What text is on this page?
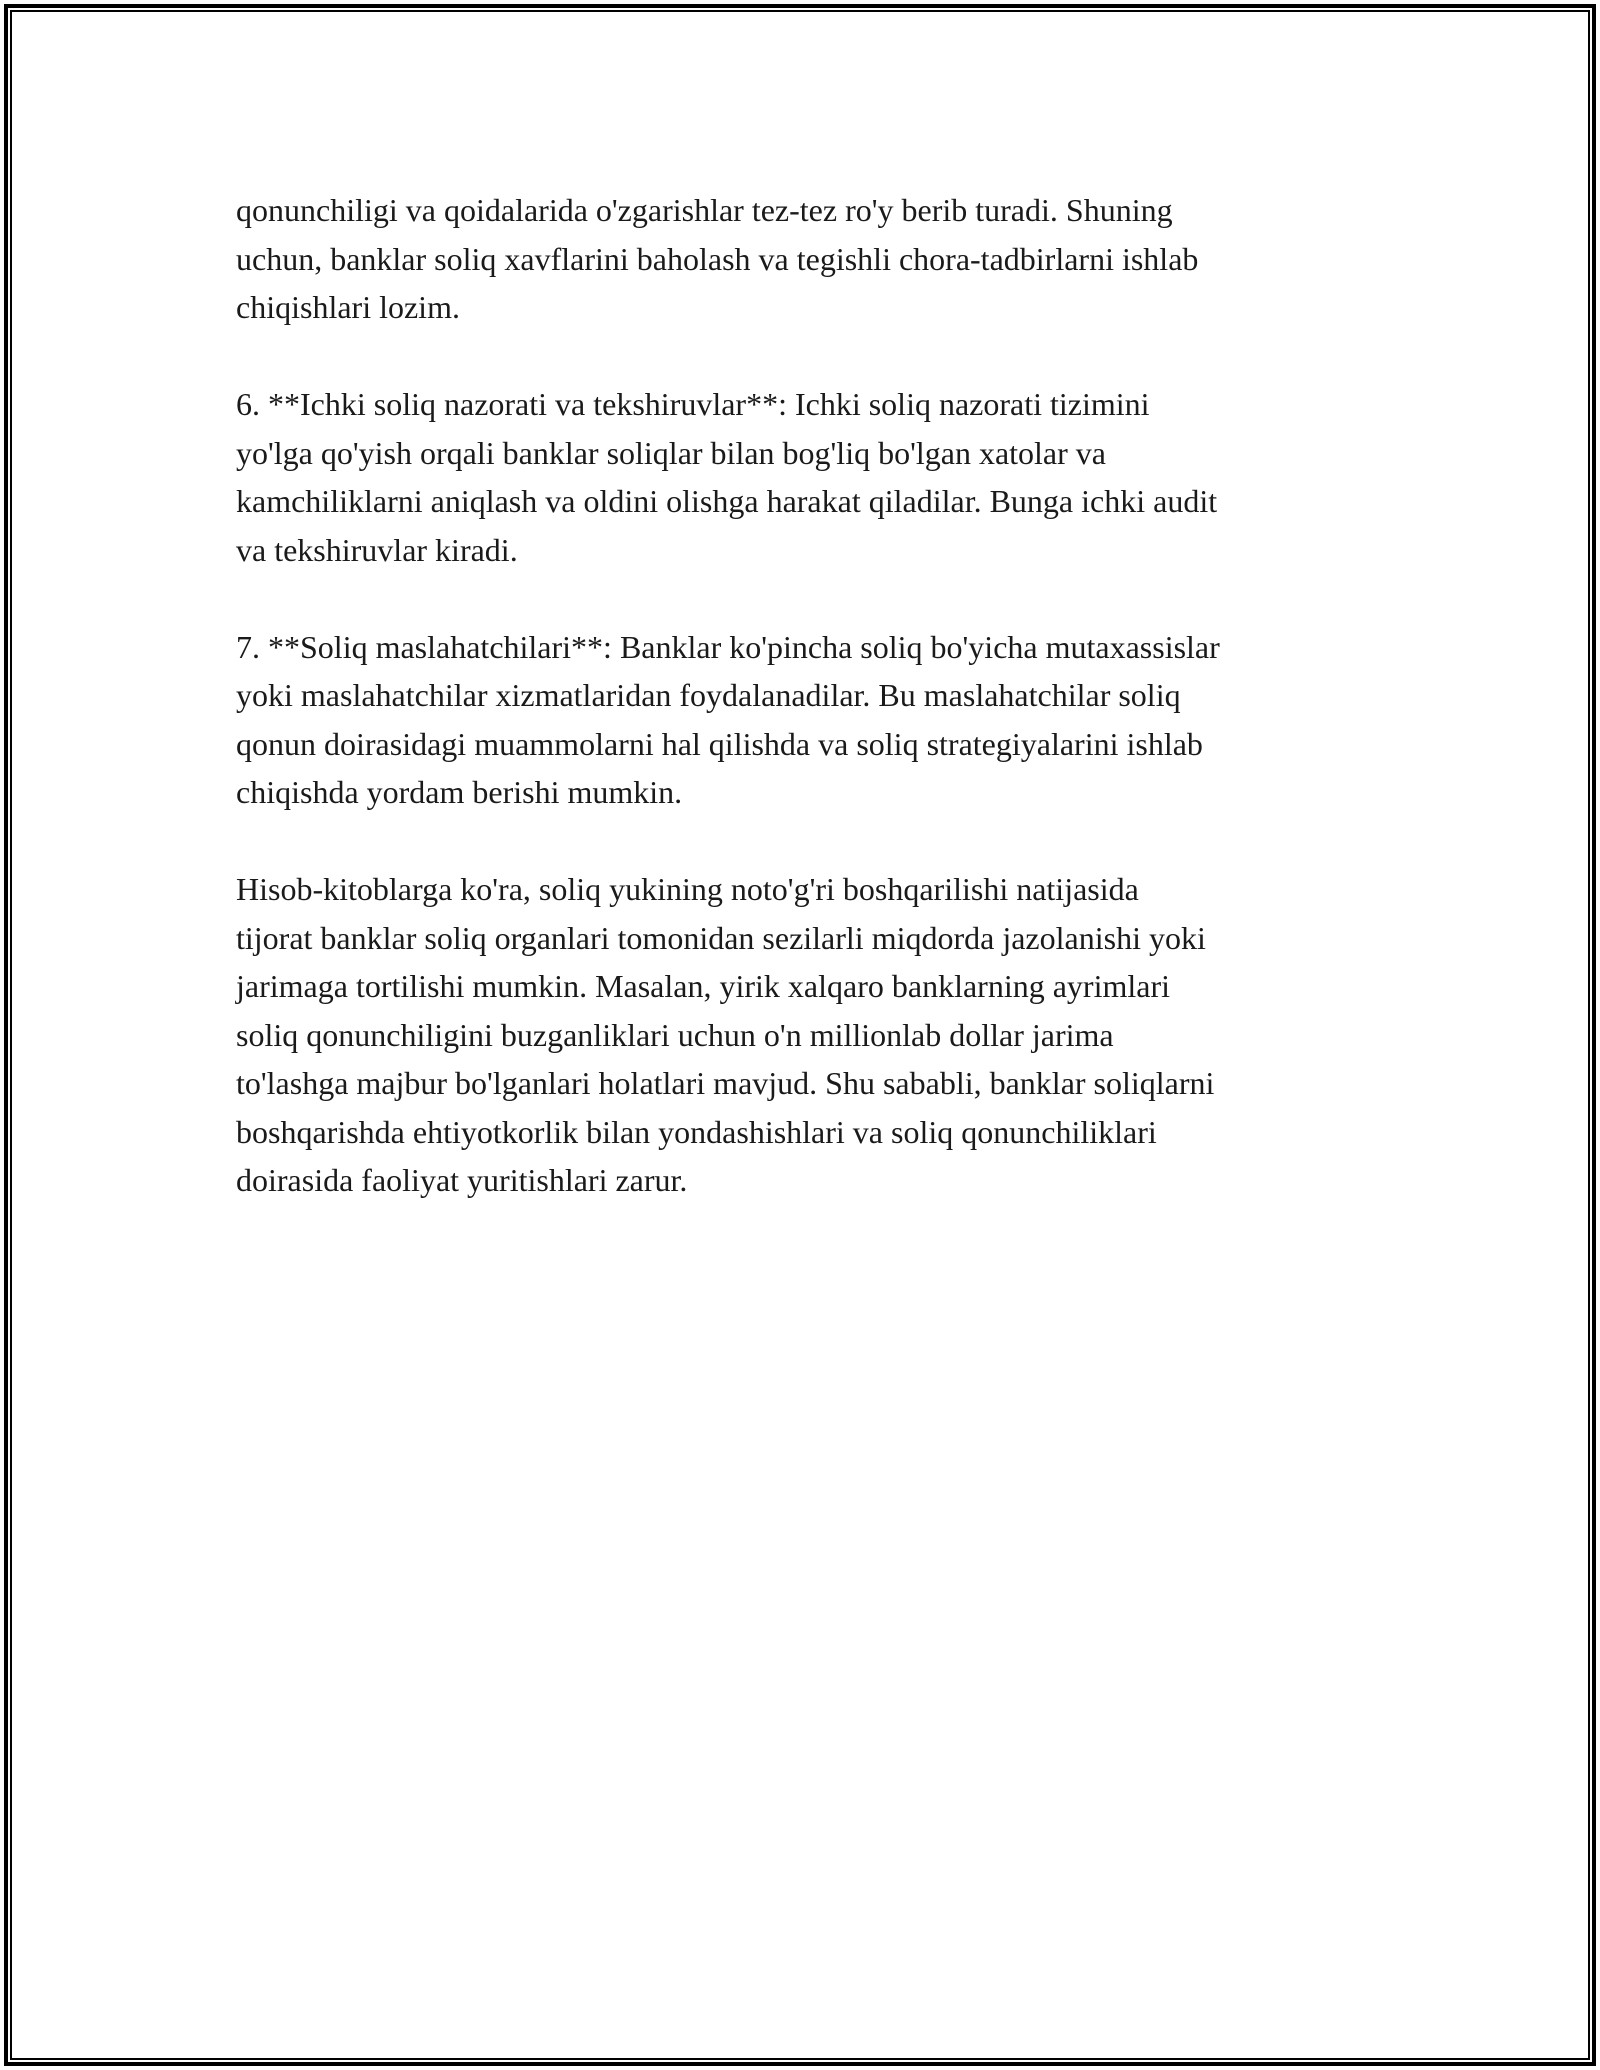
qonunchiligi va qoidalarida o'zgarishlar tez-tez ro'y berib turadi. Shuning
uchun, banklar soliq xavflarini baholash va tegishli chora-tadbirlarni ishlab
chiqishlari lozim.
6. **Ichki soliq nazorati va tekshiruvlar**: Ichki soliq nazorati tizimini
yo'lga qo'yish orqali banklar soliqlar bilan bog'liq bo'lgan xatolar va
kamchiliklarni aniqlash va oldini olishga harakat qiladilar. Bunga ichki audit
va tekshiruvlar kiradi.
7. **Soliq maslahatchilari**: Banklar ko'pincha soliq bo'yicha mutaxassislar
yoki maslahatchilar xizmatlaridan foydalanadilar. Bu maslahatchilar soliq
qonun doirasidagi muammolarni hal qilishda va soliq strategiyalarini ishlab
chiqishda yordam berishi mumkin.
Hisob-kitoblarga ko'ra, soliq yukining noto'g'ri boshqarilishi natijasida
tijorat banklar soliq organlari tomonidan sezilarli miqdorda jazolanishi yoki
jarimaga tortilishi mumkin. Masalan, yirik xalqaro banklarning ayrimlari
soliq qonunchiligini buzganliklari uchun o'n millionlab dollar jarima
to'lashga majbur bo'lganlari holatlari mavjud. Shu sababli, banklar soliqlarni
boshqarishda ehtiyotkorlik bilan yondashishlari va soliq qonunchiliklari
doirasida faoliyat yuritishlari zarur.
